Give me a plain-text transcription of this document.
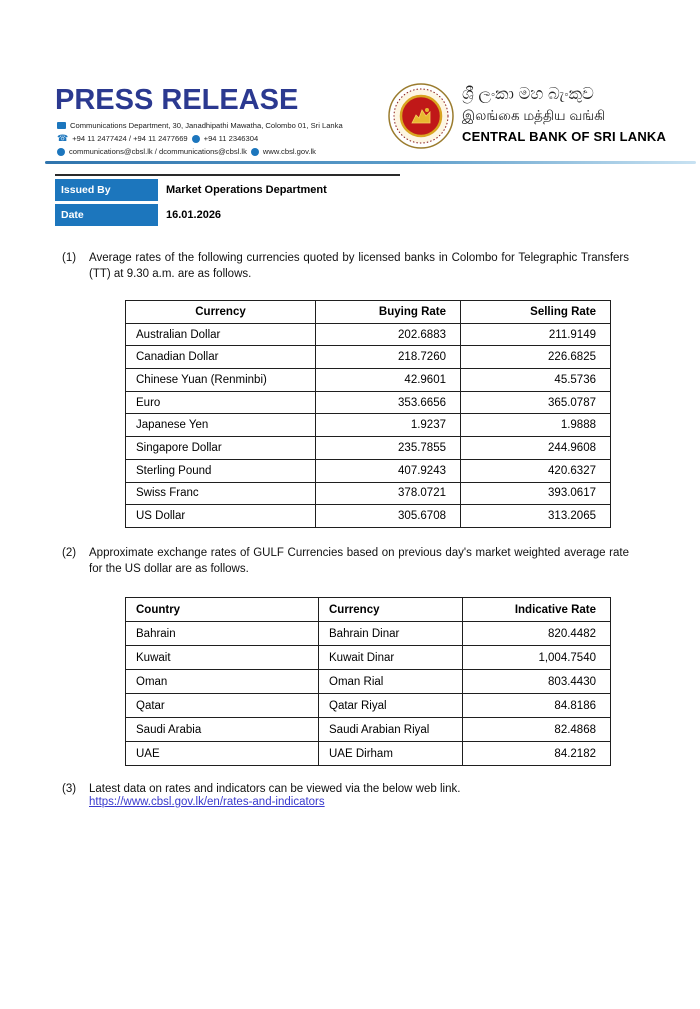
PRESS RELEASE
Communications Department, 30, Janadhipathi Mawatha, Colombo 01, Sri Lanka
☎ +94 11 2477424 / +94 11 2477669 +94 11 2346304
communications@cbsl.lk / dcommunications@cbsl.lk www.cbsl.gov.lk
ශ්‍රී ලංකා මහ බැංකුව
இலங்கை மத்திய வங்கி
CENTRAL BANK OF SRI LANKA
Issued By	Market Operations Department
Date	16.01.2026
(1)	Average rates of the following currencies quoted by licensed banks in Colombo for Telegraphic Transfers (TT) at 9.30 a.m. are as follows.
Currency	Buying Rate	Selling Rate
Australian Dollar	202.6883	211.9149
Canadian Dollar	218.7260	226.6825
Chinese Yuan (Renminbi)	42.9601	45.5736
Euro	353.6656	365.0787
Japanese Yen	1.9237	1.9888
Singapore Dollar	235.7855	244.9608
Sterling Pound	407.9243	420.6327
Swiss Franc	378.0721	393.0617
US Dollar	305.6708	313.2065
(2)	Approximate exchange rates of GULF Currencies based on previous day's market weighted average rate for the US dollar are as follows.
Country	Currency	Indicative Rate
Bahrain	Bahrain Dinar	820.4482
Kuwait	Kuwait Dinar	1,004.7540
Oman	Oman Rial	803.4430
Qatar	Qatar Riyal	84.8186
Saudi Arabia	Saudi Arabian Riyal	82.4868
UAE	UAE Dirham	84.2182
(3)	Latest data on rates and indicators can be viewed via the below web link.
https://www.cbsl.gov.lk/en/rates-and-indicators
